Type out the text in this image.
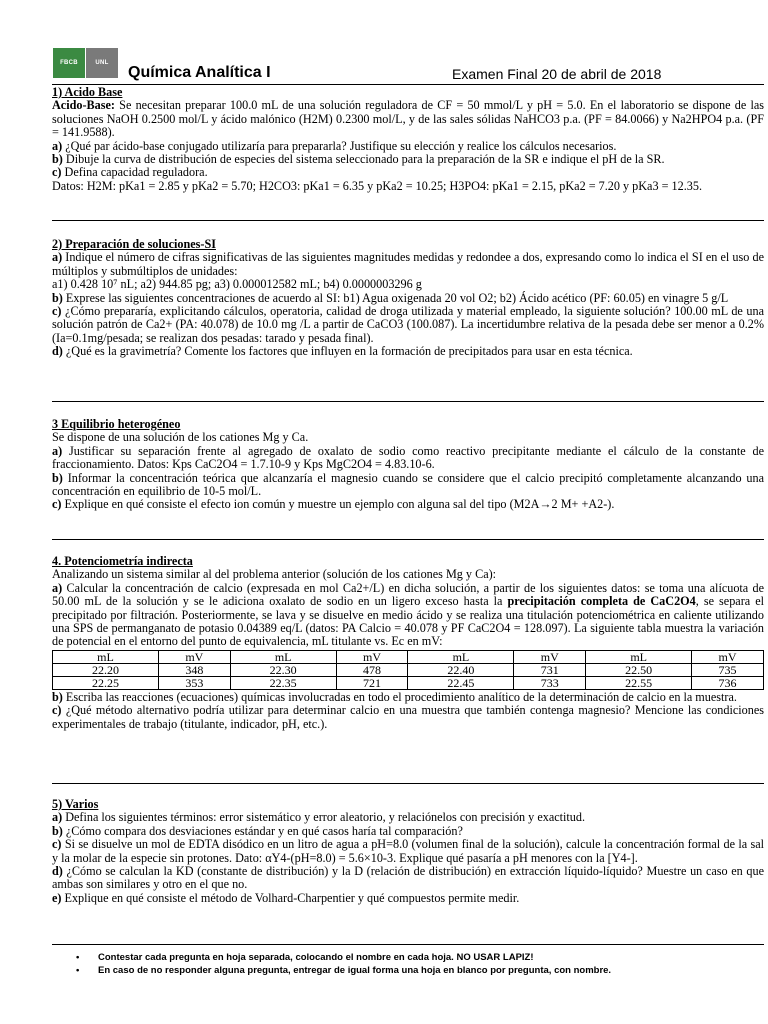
FBCB	UNL
Química Analítica I	Examen Final 20 de abril de 2018

1) Acido Base

Acido-Base: Se necesitan preparar 100.0 mL de una solución reguladora de CF = 50 mmol/L y pH = 5.0. En el laboratorio se dispone de las soluciones NaOH 0.2500 mol/L y ácido malónico (H2M) 0.2300 mol/L, y de las sales sólidas NaHCO3 p.a. (PF = 84.0066) y Na2HPO4 p.a. (PF = 141.9588).

a) ¿Qué par ácido-base conjugado utilizaría para prepararla? Justifique su elección y realice los cálculos necesarios.

b) Dibuje la curva de distribución de especies del sistema seleccionado para la preparación de la SR e indique el pH de la SR.

c) Defina capacidad reguladora.

Datos: H2M: pKa1 = 2.85 y pKa2 = 5.70; H2CO3: pKa1 = 6.35 y pKa2 = 10.25; H3PO4: pKa1 = 2.15, pKa2 = 7.20 y pKa3 = 12.35.

2) Preparación de soluciones-SI

a) Indique el número de cifras significativas de las siguientes magnitudes medidas y redondee a dos, expresando como lo indica el SI en el uso de múltiplos y submúltiplos de unidades:

a1) 0.428 10⁷ nL; a2) 944.85 pg; a3) 0.000012582 mL; b4) 0.0000003296 g

b) Exprese las siguientes concentraciones de acuerdo al SI: b1) Agua oxigenada 20 vol O2; b2) Ácido acético (PF: 60.05) en vinagre 5 g/L

c) ¿Cómo prepararía, explicitando cálculos, operatoria, calidad de droga utilizada y material empleado, la siguiente solución? 100.00 mL de una solución patrón de Ca2+ (PA: 40.078) de 10.0 mg /L a partir de CaCO3 (100.087). La incertidumbre relativa de la pesada debe ser menor a 0.2% (Ia=0.1mg/pesada; se realizan dos pesadas: tarado y pesada final).

d) ¿Qué es la gravimetría? Comente los factores que influyen en la formación de precipitados para usar en esta técnica.

3 Equilibrio heterogéneo

Se dispone de una solución de los cationes Mg y Ca.

a) Justificar su separación frente al agregado de oxalato de sodio como reactivo precipitante mediante el cálculo de la constante de fraccionamiento. Datos: Kps CaC2O4 = 1.7.10-9 y Kps MgC2O4 = 4.83.10-6.

b) Informar la concentración teórica que alcanzaría el magnesio cuando se considere que el calcio precipitó completamente alcanzando una concentración en equilibrio de 10-5 mol/L.

c) Explique en qué consiste el efecto ion común y muestre un ejemplo con alguna sal del tipo (M2A→2 M+ +A2-).

4. Potenciometría indirecta

Analizando un sistema similar al del problema anterior (solución de los cationes Mg y Ca):

a) Calcular la concentración de calcio (expresada en mol Ca2+/L) en dicha solución, a partir de los siguientes datos: se toma una alícuota de 50.00 mL de la solución y se le adiciona oxalato de sodio en un ligero exceso hasta la precipitación completa de CaC2O4, se separa el precipitado por filtración. Posteriormente, se lava y se disuelve en medio ácido y se realiza una titulación potenciométrica en caliente utilizando una SPS de permanganato de potasio 0.04389 eq/L (datos: PA Calcio = 40.078 y PF CaC2O4 = 128.097). La siguiente tabla muestra la variación de potencial en el entorno del punto de equivalencia, mL titulante vs. Ec en mV:

mL	mV	mL	mV	mL	mV	mL	mV
22.20	348	22.30	478	22.40	731	22.50	735
22.25	353	22.35	721	22.45	733	22.55	736

b) Escriba las reacciones (ecuaciones) químicas involucradas en todo el procedimiento analítico de la determinación de calcio en la muestra.

c) ¿Qué método alternativo podría utilizar para determinar calcio en una muestra que también contenga magnesio? Mencione las condiciones experimentales de trabajo (titulante, indicador, pH, etc.).

5) Varios

a) Defina los siguientes términos: error sistemático y error aleatorio, y relaciónelos con precisión y exactitud.

b) ¿Cómo compara dos desviaciones estándar y en qué casos haría tal comparación?

c) Si se disuelve un mol de EDTA disódico en un litro de agua a pH=8.0 (volumen final de la solución), calcule la concentración formal de la sal y la molar de la especie sin protones. Dato: αY4-(pH=8.0) = 5.6×10-3. Explique qué pasaría a pH menores con la [Y4-].

d) ¿Cómo se calculan la KD (constante de distribución) y la D (relación de distribución) en extracción líquido-líquido? Muestre un caso en que ambas son similares y otro en el que no.

e) Explique en qué consiste el método de Volhard-Charpentier y qué compuestos permite medir.

• Contestar cada pregunta en hoja separada, colocando el nombre en cada hoja. NO USAR LAPIZ!
• En caso de no responder alguna pregunta, entregar de igual forma una hoja en blanco por pregunta, con nombre.
